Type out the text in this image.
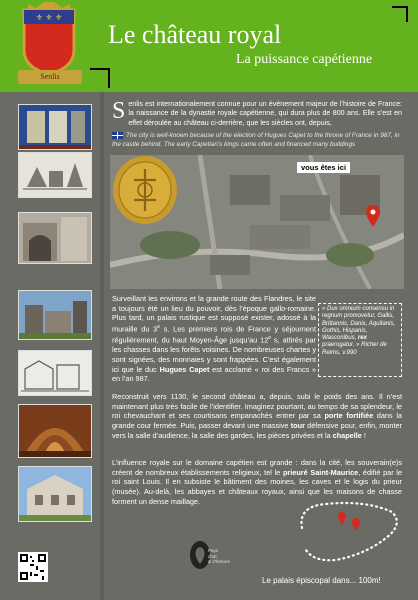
⚜ ⚜ ⚜
Senlis
Le château royal
La puissance capétienne
Senlis est internationalement connue pour un événement majeur de l’histoire de France: la naissance de la dynastie royale capétienne, qui dura plus de 800 ans. Elle s’est en effet déroulée au château ci-derrière, que les siècles ont, depuis,
The city is well-known because of the election of Hugues Capet to the throne of France in 987, in the castle behind. The early Capetian’s kings came often and financed many buildings
vous êtes ici
Surveillant les environs et la grande route des Flandres, le site a toujours été un lieu du pouvoir, dès l’époque gallo-romaine. Plus tard, un palais rustique est supposé exister, adossé à la muraille du 3e s. Les premiers rois de France y séjournent régulièrement, du haut Moyen-Âge jusqu’au 12e s, attirés par les chasses dans les forêts voisines. De nombreuses chartes y sont signées, des monnaies y sont frappées. C’est également ici que le duc Hugues Capet est acclamé « roi des Francs » en l’an 987.
« Dux omnium consensu in regnum promovetur, Gallis, Brittannis, Danis, Aquitanis, Gothis, Hispanis, Wasconibus, rex praerogatur. » Richer de Reims, v.990
Reconstruit vers 1130, le second château a, depuis, subi le poids des ans. Il n’est maintenant plus très facile de l’identifier. Imaginez pourtant, au temps de sa splendeur, le roi chevauchant et ses courtisans empanachés entrer par sa porte fortifiée dans la grande cour fermée. Puis, passer devant une massive tour défensive pour, enfin, monter vers la salle d’audience, la salle des gardes, les pièces privées et la chapelle !
L’influence royale sur le domaine capétien est grande : dans la cité, les souverain(e)s créent de nombreux établissements religieux, tel le prieuré Saint-Maurice, édifié par le roi saint Louis. Il en subsiste le bâtiment des moines, les caves et le logis du prieur (musée). Au-delà, les abbayes et châteaux royaux, ainsi que les maisons de chasse forment un dense maillage.
Pays
d'art
& d'histoire
Le palais épiscopal dans... 100m!
